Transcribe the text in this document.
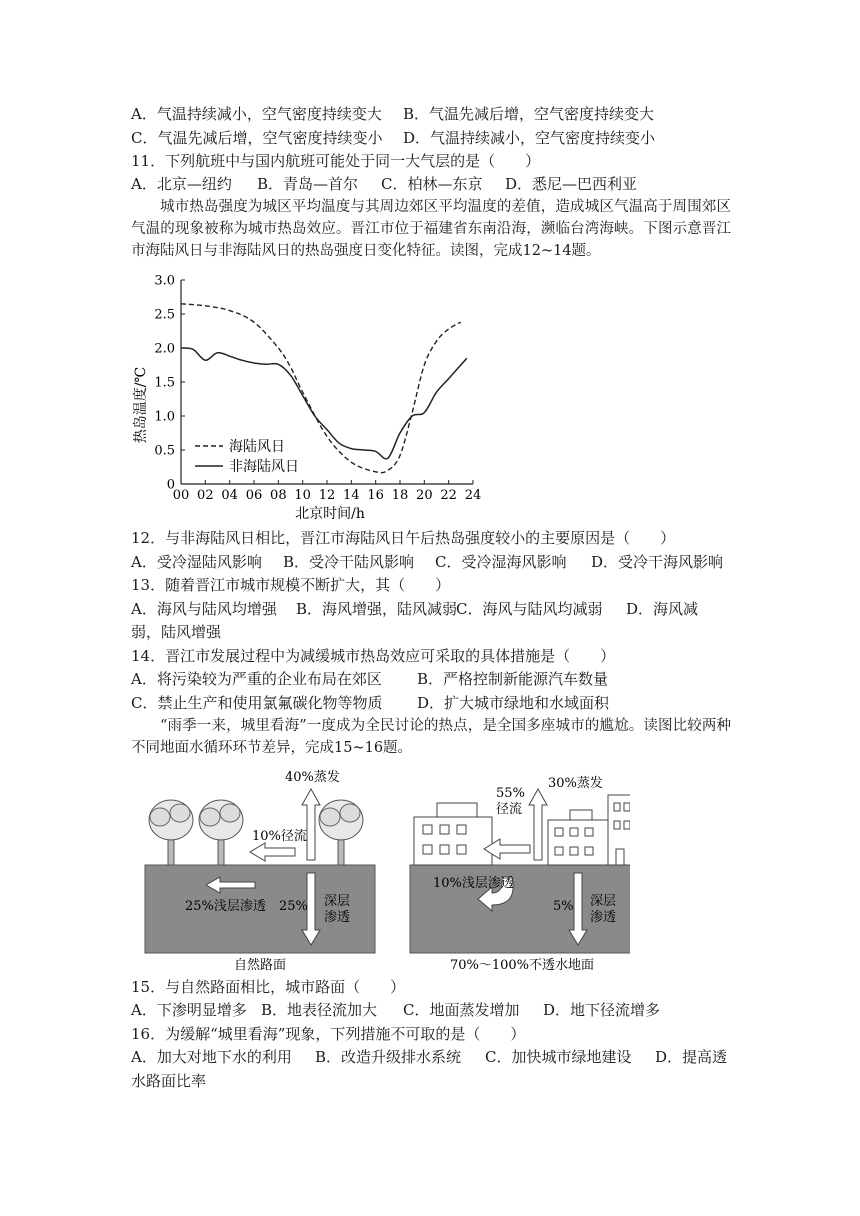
A．气温持续减小，空气密度持续变大 B．气温先减后增，空气密度持续变大
C．气温先减后增，空气密度持续变小 D．气温持续减小，空气密度持续变小
11．下列航班中与国内航班可能处于同一大气层的是（　　）
A．北京—纽约 B．青岛—首尔 C．柏林—东京 D．悉尼—巴西利亚
城市热岛强度为城区平均温度与其周边郊区平均温度的差值，造成城区气温高于周围郊区气温的现象被称为城市热岛效应。晋江市位于福建省东南沿海，濒临台湾海峡。下图示意晋江市海陆风日与非海陆风日的热岛强度日变化特征。读图，完成12~14题。
00 02 04 06 08 10 12 14 16 18 20 22 24
0
0.5
1.0
1.5
2.0
2.5
3.0
热岛温度/℃
北京时间/h
海陆风日
非海陆风日
12．与非海陆风日相比，晋江市海陆风日午后热岛强度较小的主要原因是（　　）
A．受冷湿陆风影响 B．受冷干陆风影响 C．受冷湿海风影响 D．受冷干海风影响
13．随着晋江市城市规模不断扩大，其（　　）
A．海风与陆风均增强 B．海风增强，陆风减弱C．海风与陆风均减弱 D．海风减
弱，陆风增强
14．晋江市发展过程中为减缓城市热岛效应可采取的具体措施是（　　）
A．将污染较为严重的企业布局在郊区 B．严格控制新能源汽车数量
C．禁止生产和使用氯氟碳化物等物质 D．扩大城市绿地和水域面积
“雨季一来，城里看海”一度成为全民讨论的热点，是全国多座城市的尴尬。读图比较两种不同地面水循环环节差异，完成15~16题。
40%蒸发
10%径流
25%浅层渗透 25% 深层
渗透
自然路面
30%蒸发
55%
径流
10%浅层渗透
5% 深层
渗透
70%～100%不透水地面
15．与自然路面相比，城市路面（　　）
A．下渗明显增多 B．地表径流加大 C．地面蒸发增加 D．地下径流增多
16．为缓解“城里看海”现象，下列措施不可取的是（　　）
A．加大对地下水的利用 B．改造升级排水系统 C．加快城市绿地建设 D．提高透
水路面比率
